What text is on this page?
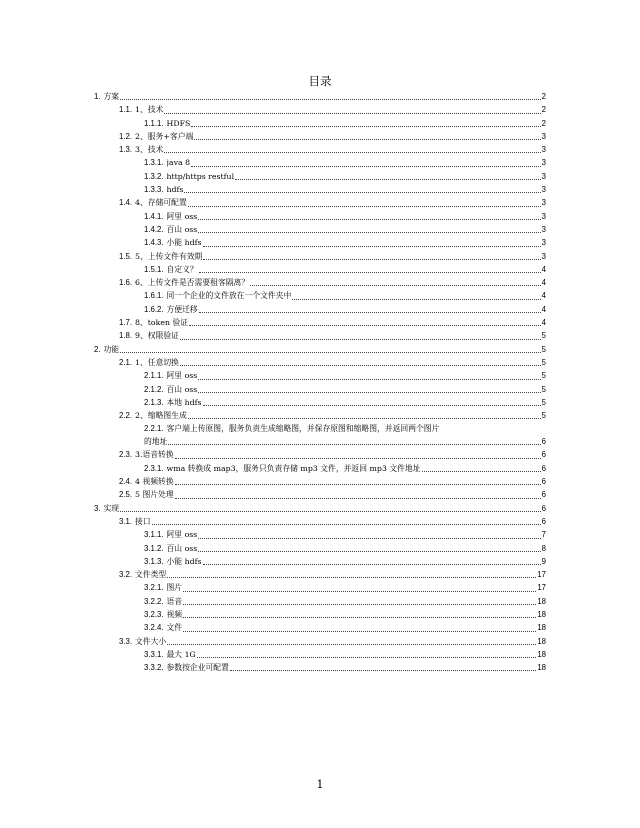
目录
1. 方案	2
1.1. 1、技术	2
1.1.1. HDFS	2
1.2. 2、服务+客户端	3
1.3. 3、技术	3
1.3.1. java 8	3
1.3.2. http/https restful	3
1.3.3. hdfs	3
1.4. 4、存储可配置	3
1.4.1. 阿里 oss	3
1.4.2. 百山 oss	3
1.4.3. 小能 hdfs	3
1.5. 5、上传文件有效期	3
1.5.1. 自定义？	4
1.6. 6、上传文件是否需要租客隔离？	4
1.6.1. 同一个企业的文件放在一个文件夹中	4
1.6.2. 方便迁移	4
1.7. 8、token 验证	4
1.8. 9、权限验证	5
2. 功能	5
2.1. 1、任意切换	5
2.1.1. 阿里 oss	5
2.1.2. 百山 oss	5
2.1.3. 本地 hdfs	5
2.2. 2、缩略图生成	5
2.2.1. 客户端上传原图，服务负责生成缩略图，并保存原图和缩略图，并返回两个图片
的地址	6
2.3. 3.语音转换	6
2.3.1. wma 转换成 map3，服务只负责存储 mp3 文件，并返回 mp3 文件地址	6
2.4. 4 视频转换	6
2.5. 5 图片处理	6
3. 实现	6
3.1. 接口	6
3.1.1. 阿里 oss	7
3.1.2. 百山 oss	8
3.1.3. 小能 hdfs	9
3.2. 文件类型	17
3.2.1. 图片	17
3.2.2. 语音	18
3.2.3. 视频	18
3.2.4. 文件	18
3.3. 文件大小	18
3.3.1. 最大 1G	18
3.3.2. 参数按企业可配置	18
1
